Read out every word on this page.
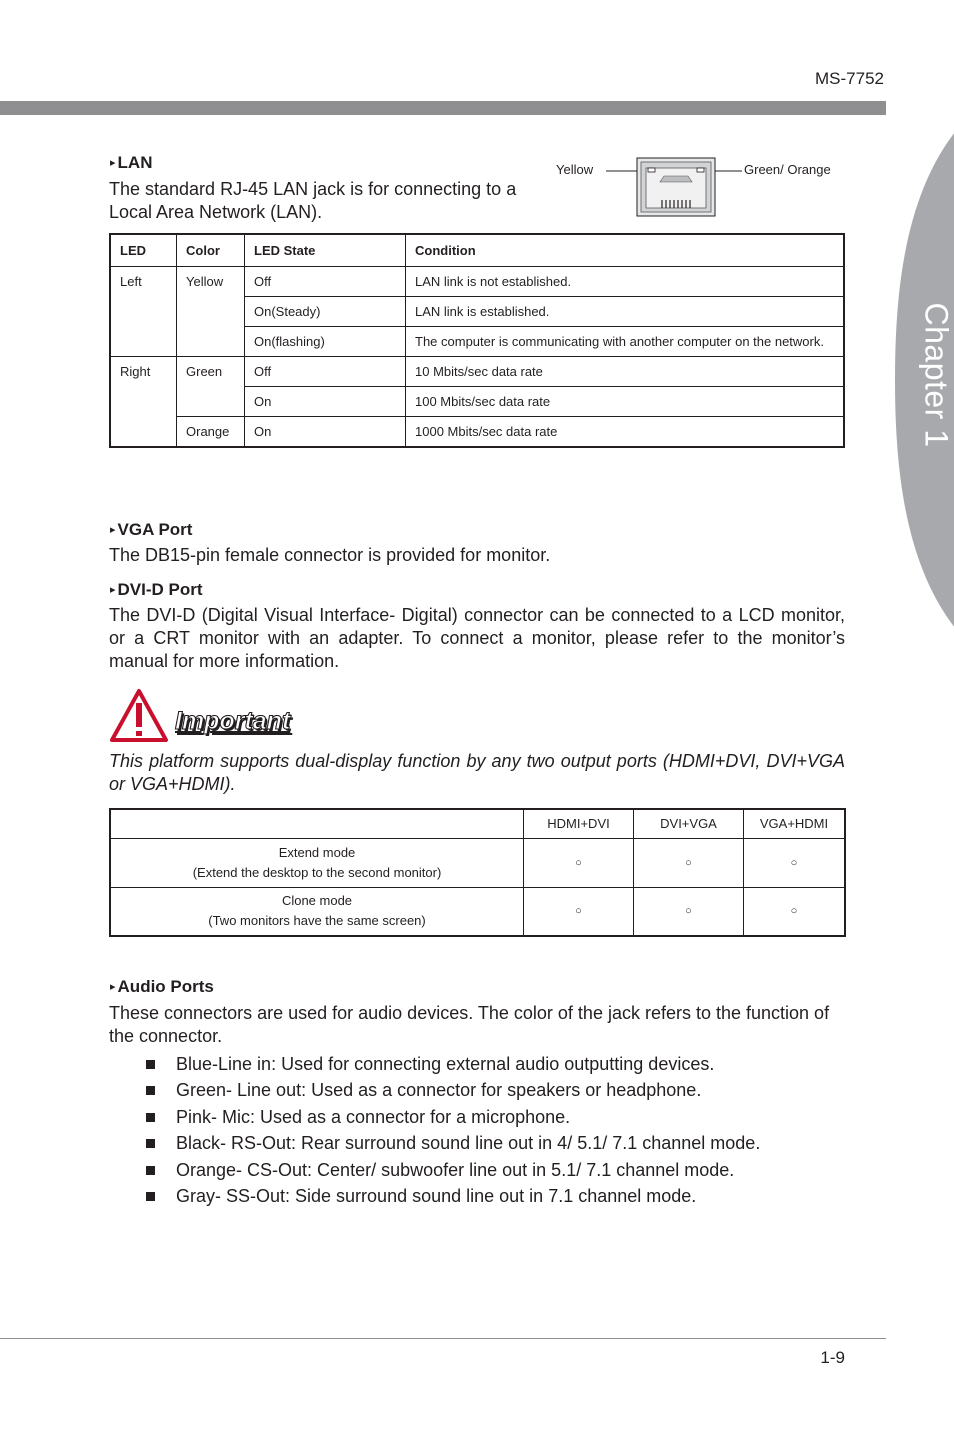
MS-7752
Chapter 1
▸ LAN
The standard RJ-45 LAN jack is for connecting to a Local Area Network (LAN).
Yellow	Green/ Orange
LED	Color	LED State	Condition
Left	Yellow	Off	LAN link is not established.
		On(Steady)	LAN link is established.
		On(flashing)	The computer is communicating with another computer on the network.
Right	Green	Off	10 Mbits/sec data rate
		On	100 Mbits/sec data rate
	Orange	On	1000 Mbits/sec data rate
▸ VGA Port
The DB15-pin female connector is provided for monitor.
▸ DVI-D Port
The DVI-D (Digital Visual Interface- Digital) connector can be connected to a LCD monitor, or a CRT monitor with an adapter. To connect a monitor, please refer to the monitor’s manual for more information.
Important
This platform supports dual-display function by any two output ports (HDMI+DVI, DVI+VGA or VGA+HDMI).
	HDMI+DVI	DVI+VGA	VGA+HDMI

Extend mode
(Extend the desktop to the second monitor)	○	○	○

Clone mode
(Two monitors have the same screen)	○	○	○
▸ Audio Ports
These connectors are used for audio devices. The color of the jack refers to the function of the connector.
Blue-Line in: Used for connecting external audio outputting devices.
Green- Line out: Used as a connector for speakers or headphone.
Pink- Mic: Used as a connector for a microphone.
Black- RS-Out: Rear surround sound line out in 4/ 5.1/ 7.1 channel mode.
Orange- CS-Out: Center/ subwoofer line out in 5.1/ 7.1 channel mode.
Gray- SS-Out: Side surround sound line out in 7.1 channel mode.
1-9
